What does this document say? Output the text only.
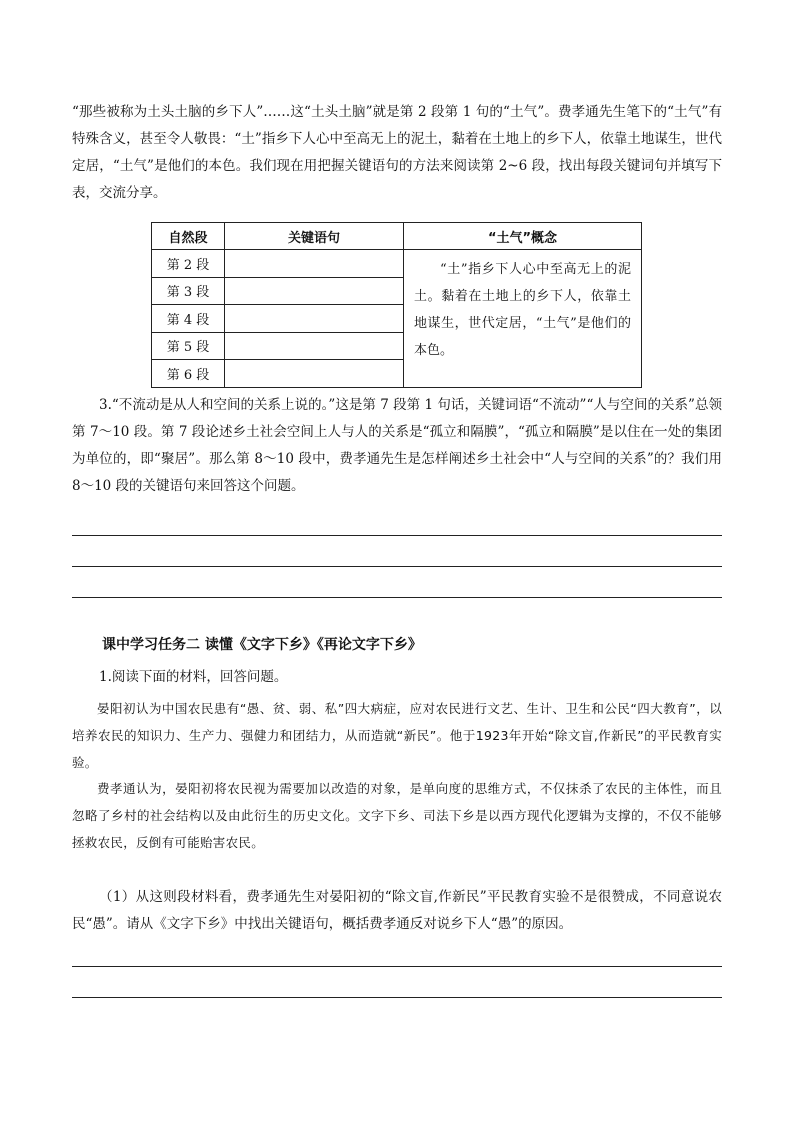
“那些被称为土头土脑的乡下人”……这“土头土脑”就是第 2 段第 1 句的“土气”。费孝通先生笔下的“土气”有特殊含义，甚至令人敬畏：“土”指乡下人心中至高无上的泥土，黏着在土地上的乡下人，依靠土地谋生，世代定居，“土气”是他们的本色。我们现在用把握关键语句的方法来阅读第 2~6 段，找出每段关键词句并填写下表，交流分享。

自然段	关键语句	“土气”概念
第 2 段		“土”指乡下人心中至高无上的泥土。黏着在土地上的乡下人，依靠土地谋生，世代定居，“土气”是他们的本色。
第 3 段		
第 4 段		
第 5 段		
第 6 段		

3.“不流动是从人和空间的关系上说的。”这是第 7 段第 1 句话，关键词语“不流动”“人与空间的关系”总领第 7～10 段。第 7 段论述乡土社会空间上人与人的关系是“孤立和隔膜”，“孤立和隔膜”是以住在一处的集团为单位的，即“聚居”。那么第 8～10 段中，费孝通先生是怎样阐述乡土社会中“人与空间的关系”的？我们用 8～10 段的关键语句来回答这个问题。

课中学习任务二 读懂《文字下乡》《再论文字下乡》

1.阅读下面的材料，回答问题。

晏阳初认为中国农民患有“愚、贫、弱、私”四大病症，应对农民进行文艺、生计、卫生和公民“四大教育”，以培养农民的知识力、生产力、强健力和团结力，从而造就“新民”。他于1923年开始“除文盲,作新民”的平民教育实验。

费孝通认为，晏阳初将农民视为需要加以改造的对象，是单向度的思维方式，不仅抹杀了农民的主体性，而且忽略了乡村的社会结构以及由此衍生的历史文化。文字下乡、司法下乡是以西方现代化逻辑为支撑的，不仅不能够拯救农民，反倒有可能贻害农民。

（1）从这则段材料看，费孝通先生对晏阳初的“除文盲,作新民”平民教育实验不是很赞成，不同意说农民“愚”。请从《文字下乡》中找出关键语句，概括费孝通反对说乡下人“愚”的原因。
